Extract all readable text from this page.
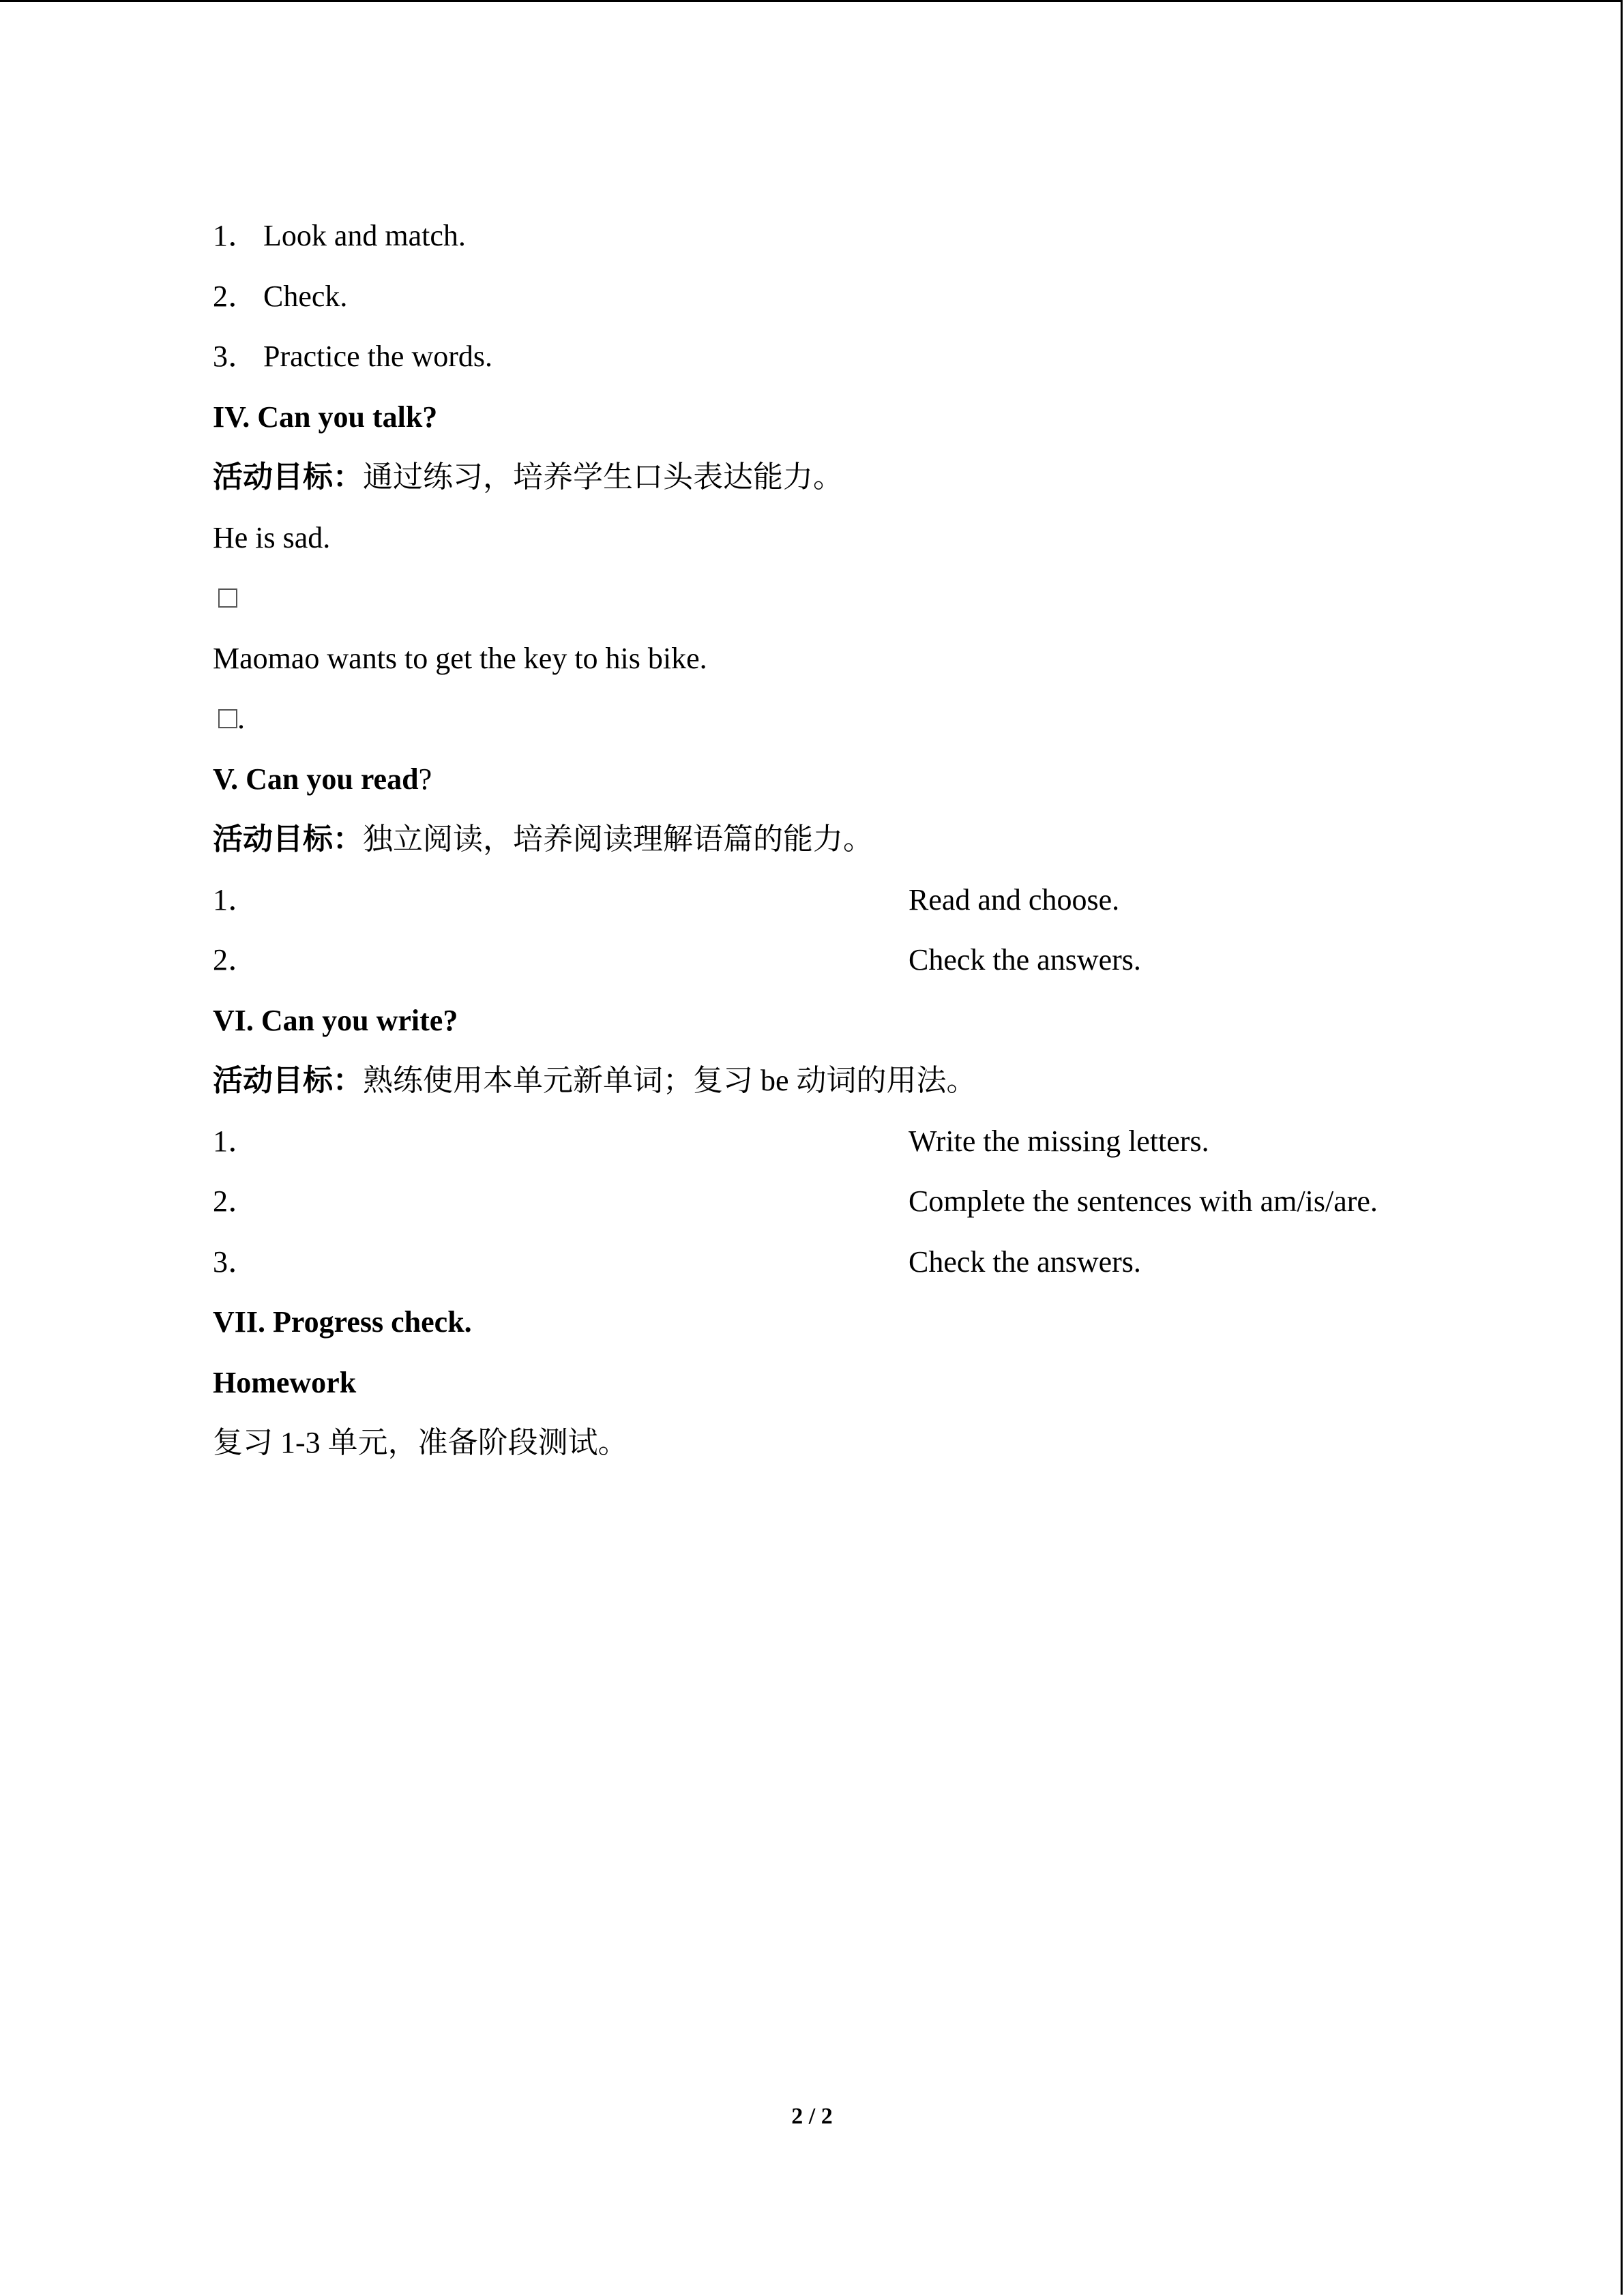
1． Look and match.
2． Check.
3． Practice the words.
IV. Can you talk?
活动目标： 通过练习，培养学生口头表达能力。
He is sad.
Maomao wants to get the key to his bike.
.
V. Can you read ?
活动目标： 独立阅读，培养阅读理解语篇的能力。
1．	Read and choose.
2．	Check the answers.
VI. Can you write?
活动目标： 熟练使用本单元新单词；复习 be 动词的用法。
1．	Write the missing letters.
2．	Complete the sentences with am/is/are.
3．	Check the answers.
VII. Progress check.
Homework
复习 1-3 单元，准备阶段测试。
2 / 2
